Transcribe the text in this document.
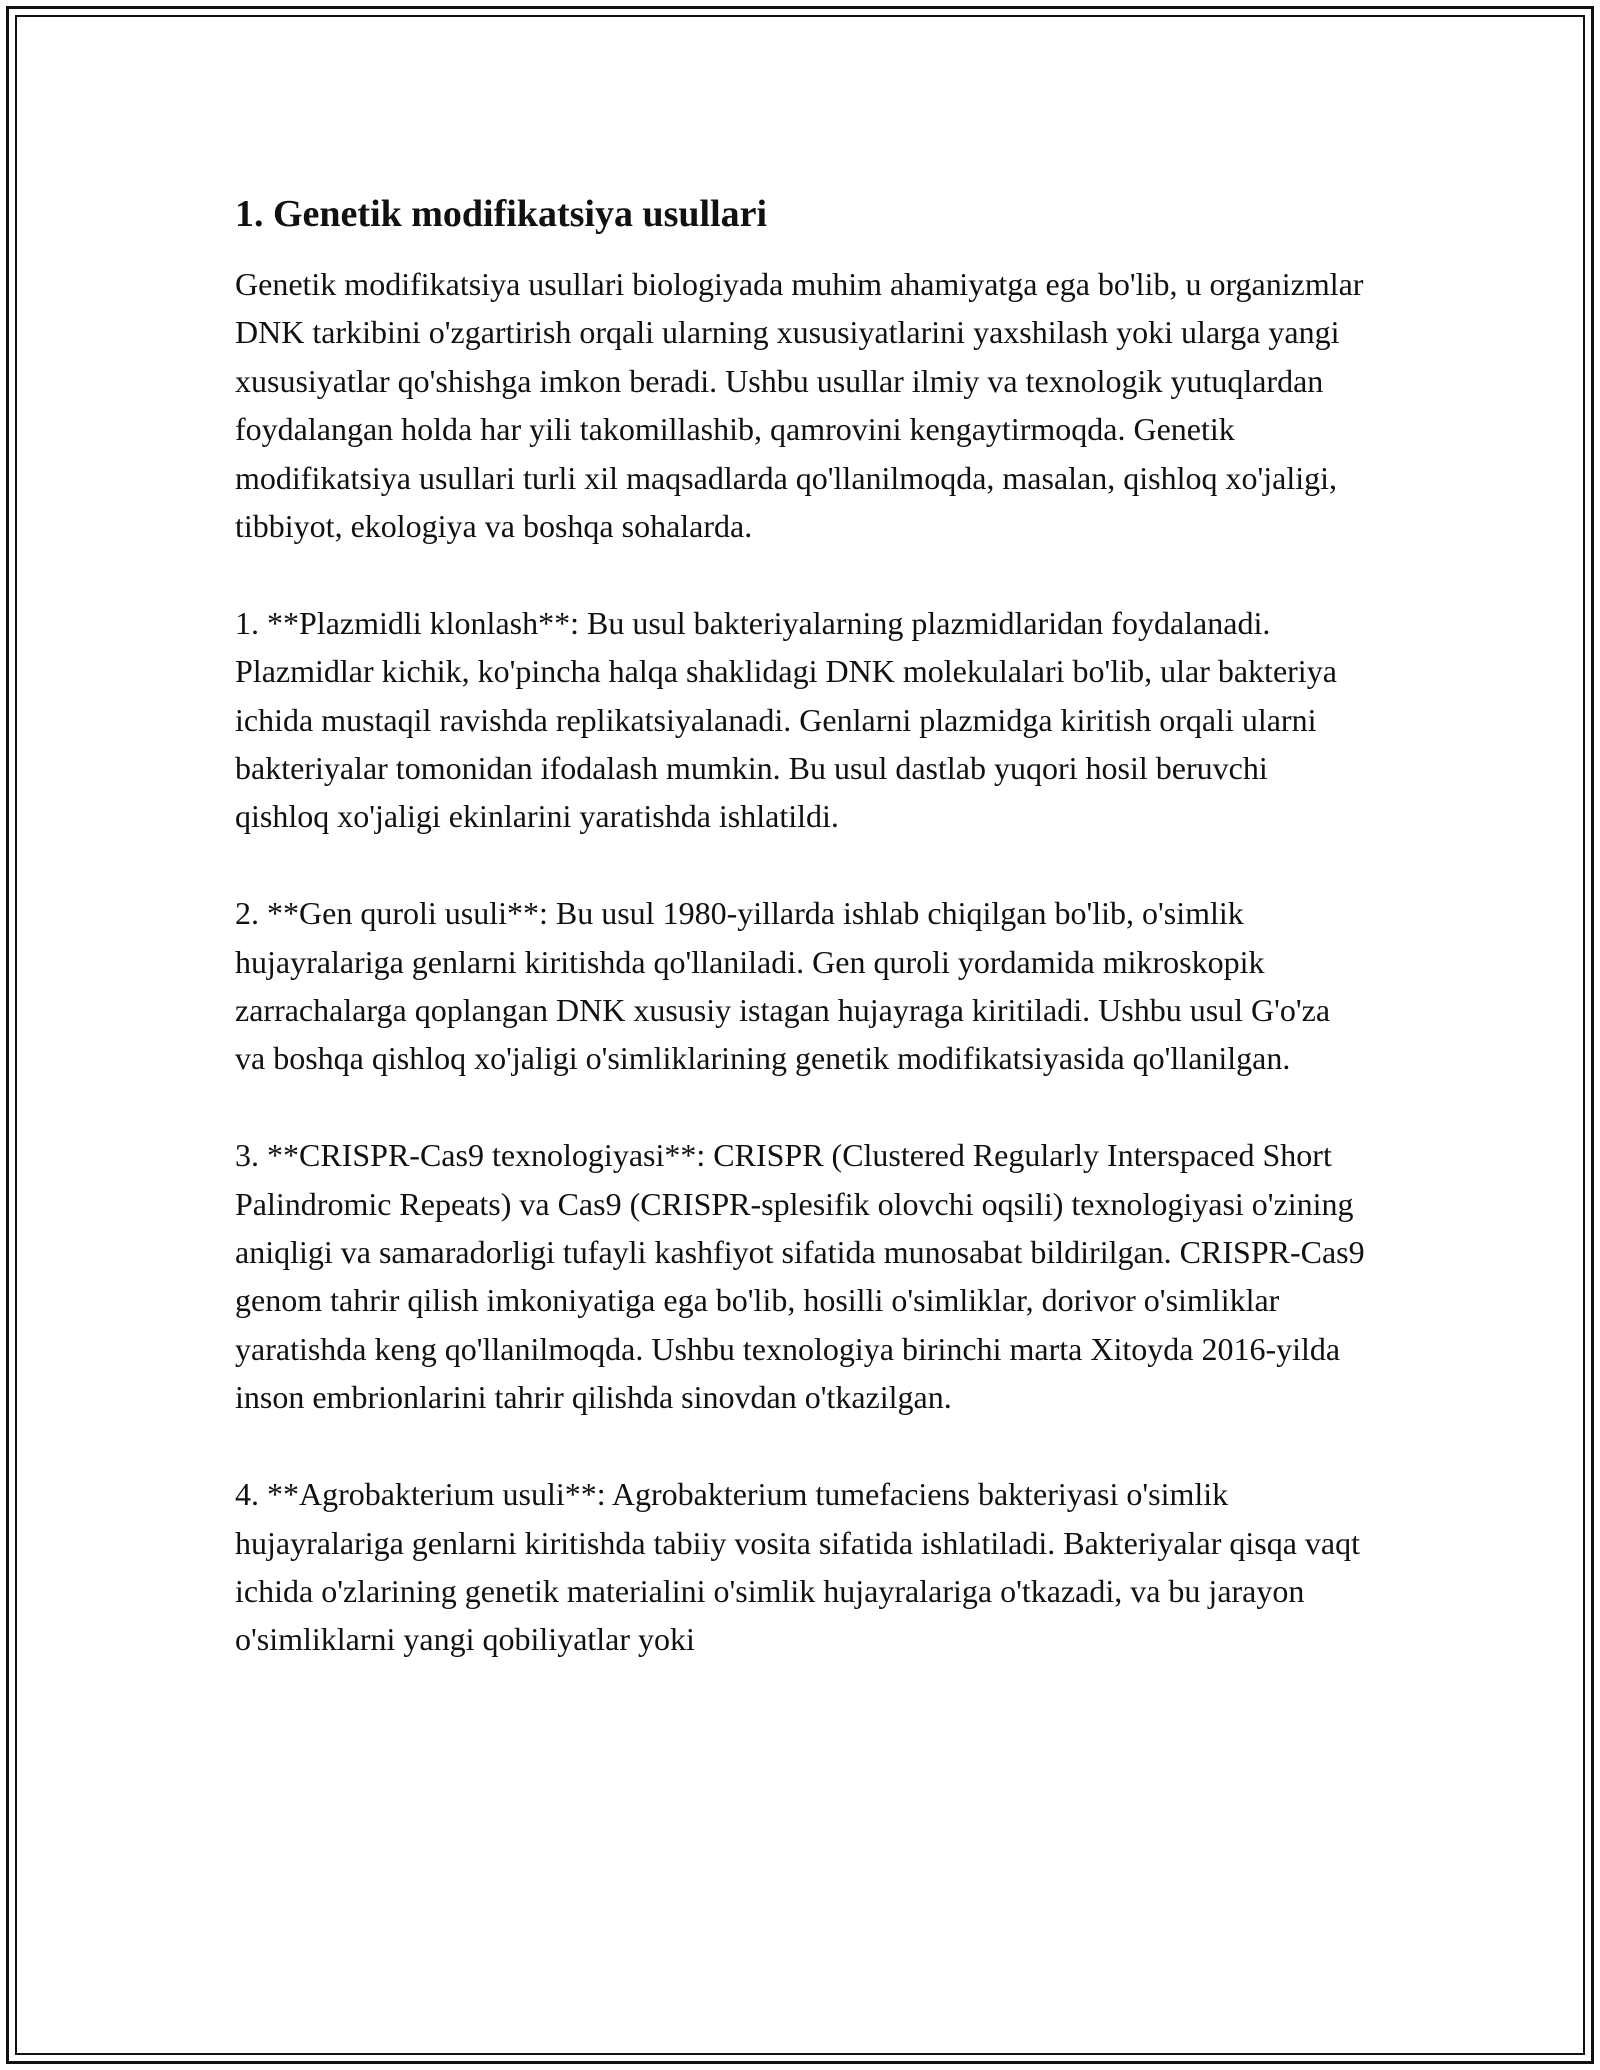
1. Genetik modifikatsiya usullari

Genetik modifikatsiya usullari biologiyada muhim ahamiyatga ega bo'lib, u organizmlar DNK tarkibini o'zgartirish orqali ularning xususiyatlarini yaxshilash yoki ularga yangi xususiyatlar qo'shishga imkon beradi. Ushbu usullar ilmiy va texnologik yutuqlardan foydalangan holda har yili takomillashib, qamrovini kengaytirmoqda. Genetik modifikatsiya usullari turli xil maqsadlarda qo'llanilmoqda, masalan, qishloq xo'jaligi, tibbiyot, ekologiya va boshqa sohalarda.

1. **Plazmidli klonlash**: Bu usul bakteriyalarning plazmidlaridan foydalanadi. Plazmidlar kichik, ko'pincha halqa shaklidagi DNK molekulalari bo'lib, ular bakteriya ichida mustaqil ravishda replikatsiyalanadi. Genlarni plazmidga kiritish orqali ularni bakteriyalar tomonidan ifodalash mumkin. Bu usul dastlab yuqori hosil beruvchi qishloq xo'jaligi ekinlarini yaratishda ishlatildi.

2. **Gen quroli usuli**: Bu usul 1980-yillarda ishlab chiqilgan bo'lib, o'simlik hujayralariga genlarni kiritishda qo'llaniladi. Gen quroli yordamida mikroskopik zarrachalarga qoplangan DNK xususiy istagan hujayraga kiritiladi. Ushbu usul G'o'za va boshqa qishloq xo'jaligi o'simliklarining genetik modifikatsiyasida qo'llanilgan.

3. **CRISPR-Cas9 texnologiyasi**: CRISPR (Clustered Regularly Interspaced Short Palindromic Repeats) va Cas9 (CRISPR-splesifik olovchi oqsili) texnologiyasi o'zining aniqligi va samaradorligi tufayli kashfiyot sifatida munosabat bildirilgan. CRISPR-Cas9 genom tahrir qilish imkoniyatiga ega bo'lib, hosilli o'simliklar, dorivor o'simliklar yaratishda keng qo'llanilmoqda. Ushbu texnologiya birinchi marta Xitoyda 2016-yilda inson embrionlarini tahrir qilishda sinovdan o'tkazilgan.

4. **Agrobakterium usuli**: Agrobakterium tumefaciens bakteriyasi o'simlik hujayralariga genlarni kiritishda tabiiy vosita sifatida ishlatiladi. Bakteriyalar qisqa vaqt ichida o'zlarining genetik materialini o'simlik hujayralariga o'tkazadi, va bu jarayon o'simliklarni yangi qobiliyatlar yoki
